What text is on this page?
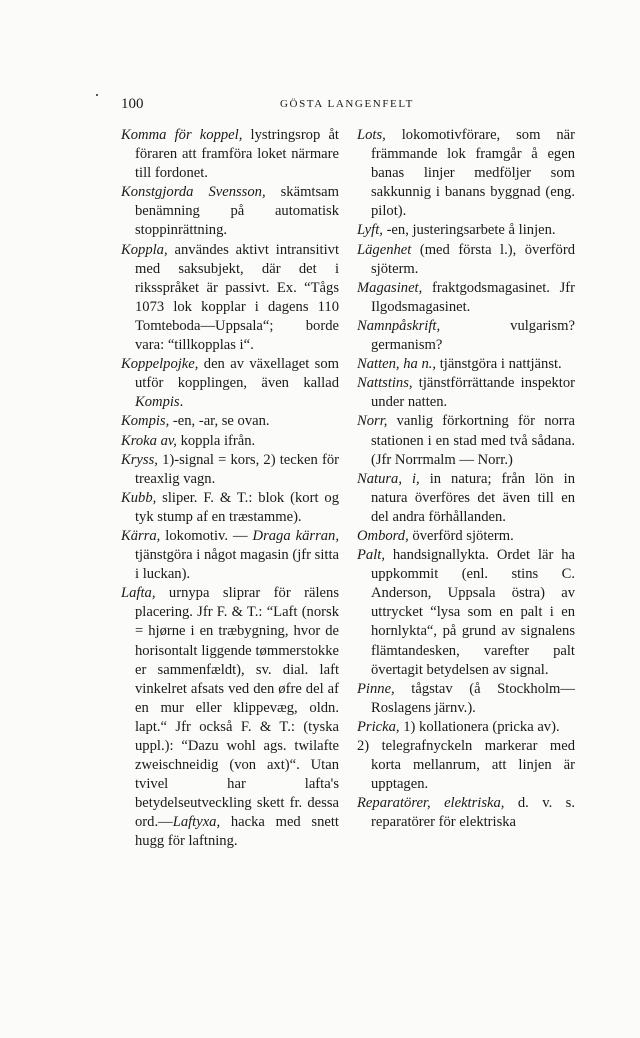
100	GÖSTA LANGENFELT

Komma för koppel, lystringsrop åt föraren att framföra loket närmare till fordonet.

Konstgjorda Svensson, skämtsam benämning på automatisk stoppinrättning.

Koppla, användes aktivt intransitivt med saksubjekt, där det i riksspråket är passivt. Ex. “Tågs 1073 lok kopplar i dagens 110 Tomteboda—Uppsala“; borde vara: “tillkopplas i“.

Koppelpojke, den av växellaget som utför kopplingen, även kallad Kompis.

Kompis, -en, -ar, se ovan.

Kroka av, koppla ifrån.

Kryss, 1)-signal = kors, 2) tecken för treaxlig vagn.

Kubb, sliper. F. & T.: blok (kort og tyk stump af en træstamme).

Kärra, lokomotiv. — Draga kärran, tjänstgöra i något magasin (jfr sitta i luckan).

Lafta, urnypa sliprar för rälens placering. Jfr F. & T.: “Laft (norsk = hjørne i en træbygning, hvor de horisontalt liggende tømmerstokke er sammenfældt), sv. dial. laft vinkelret afsats ved den øfre del af en mur eller klippevæg, oldn. lapt.“ Jfr också F. & T.: (tyska uppl.): “Dazu wohl ags. twilafte zweischneidig (von axt)“. Utan tvivel har lafta's betydelseutveckling skett fr. dessa ord.—Laftyxa, hacka med snett hugg för laftning.

Lots, lokomotivförare, som när främmande lok framgår å egen banas linjer medföljer som sakkunnig i banans byggnad (eng. pilot).

Lyft, -en, justeringsarbete å linjen.

Lägenhet (med första l.), överförd sjöterm.

Magasinet, fraktgodsmagasinet. Jfr Ilgodsmagasinet.

Namnpåskrift, vulgarism? germanism?

Natten, ha n., tjänstgöra i nattjänst.

Nattstins, tjänstförrättande inspektor under natten.

Norr, vanlig förkortning för norra stationen i en stad med två sådana. (Jfr Norrmalm — Norr.)

Natura, i, in natura; från lön in natura överföres det även till en del andra förhållanden.

Ombord, överförd sjöterm.

Palt, handsignallykta. Ordet lär ha uppkommit (enl. stins C. Anderson, Uppsala östra) av uttrycket “lysa som en palt i en hornlykta“, på grund av signalens flämtandesken, varefter palt övertagit betydelsen av signal.

Pinne, tågstav (å Stockholm—Roslagens järnv.).

Pricka, 1) kollationera (pricka av).

2) telegrafnyckeln markerar med korta mellanrum, att linjen är upptagen.

Reparatörer, elektriska, d. v. s. reparatörer för elektriska
